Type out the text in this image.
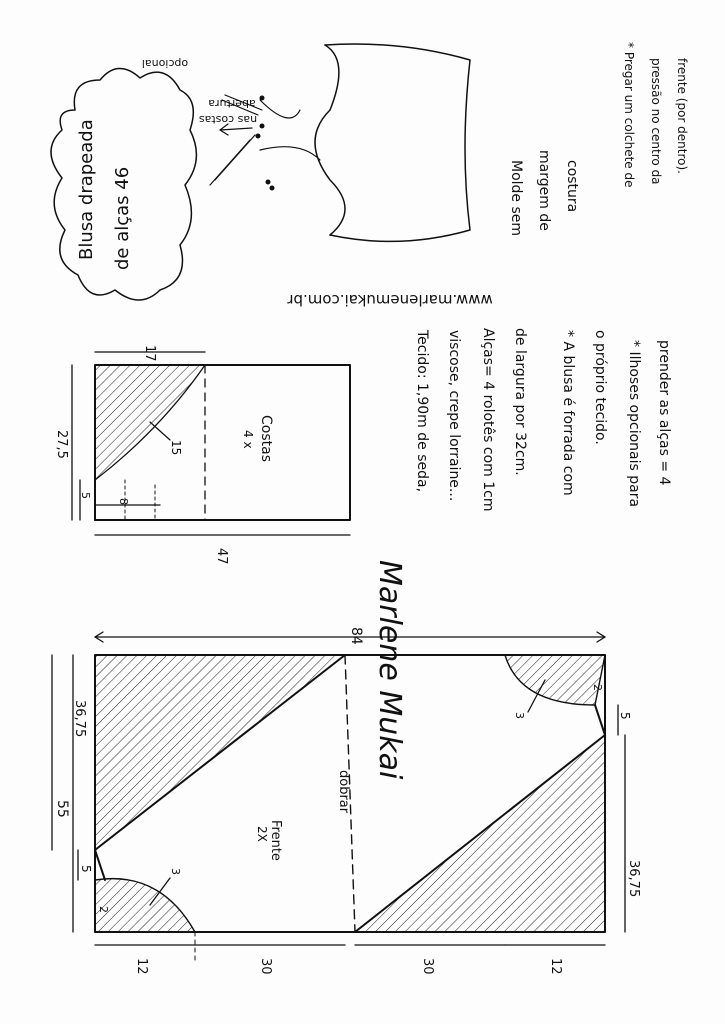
Frente
2X
dobrar
84
55
36,75
36,75
5
5
2
2
3
3
12	30	30	12
Costas
4 x
47
27,5
17
15
8
5
Marlene Mukai
Tecido: 1,90m de seda, viscose, crepe lorraine... Alças= 4 rolotês com 1cm de largura por 32cm. * A blusa é forrada com o próprio tecido. * Ilhoses opcionais para prender as alças = 4
www.marlenemukai.com.br
Blusa drapeada de alças 46
abertura
nas costas
opcional
Molde sem margem de costura	* Pregar um colchete de pressão no centro da frente (por dentro).
